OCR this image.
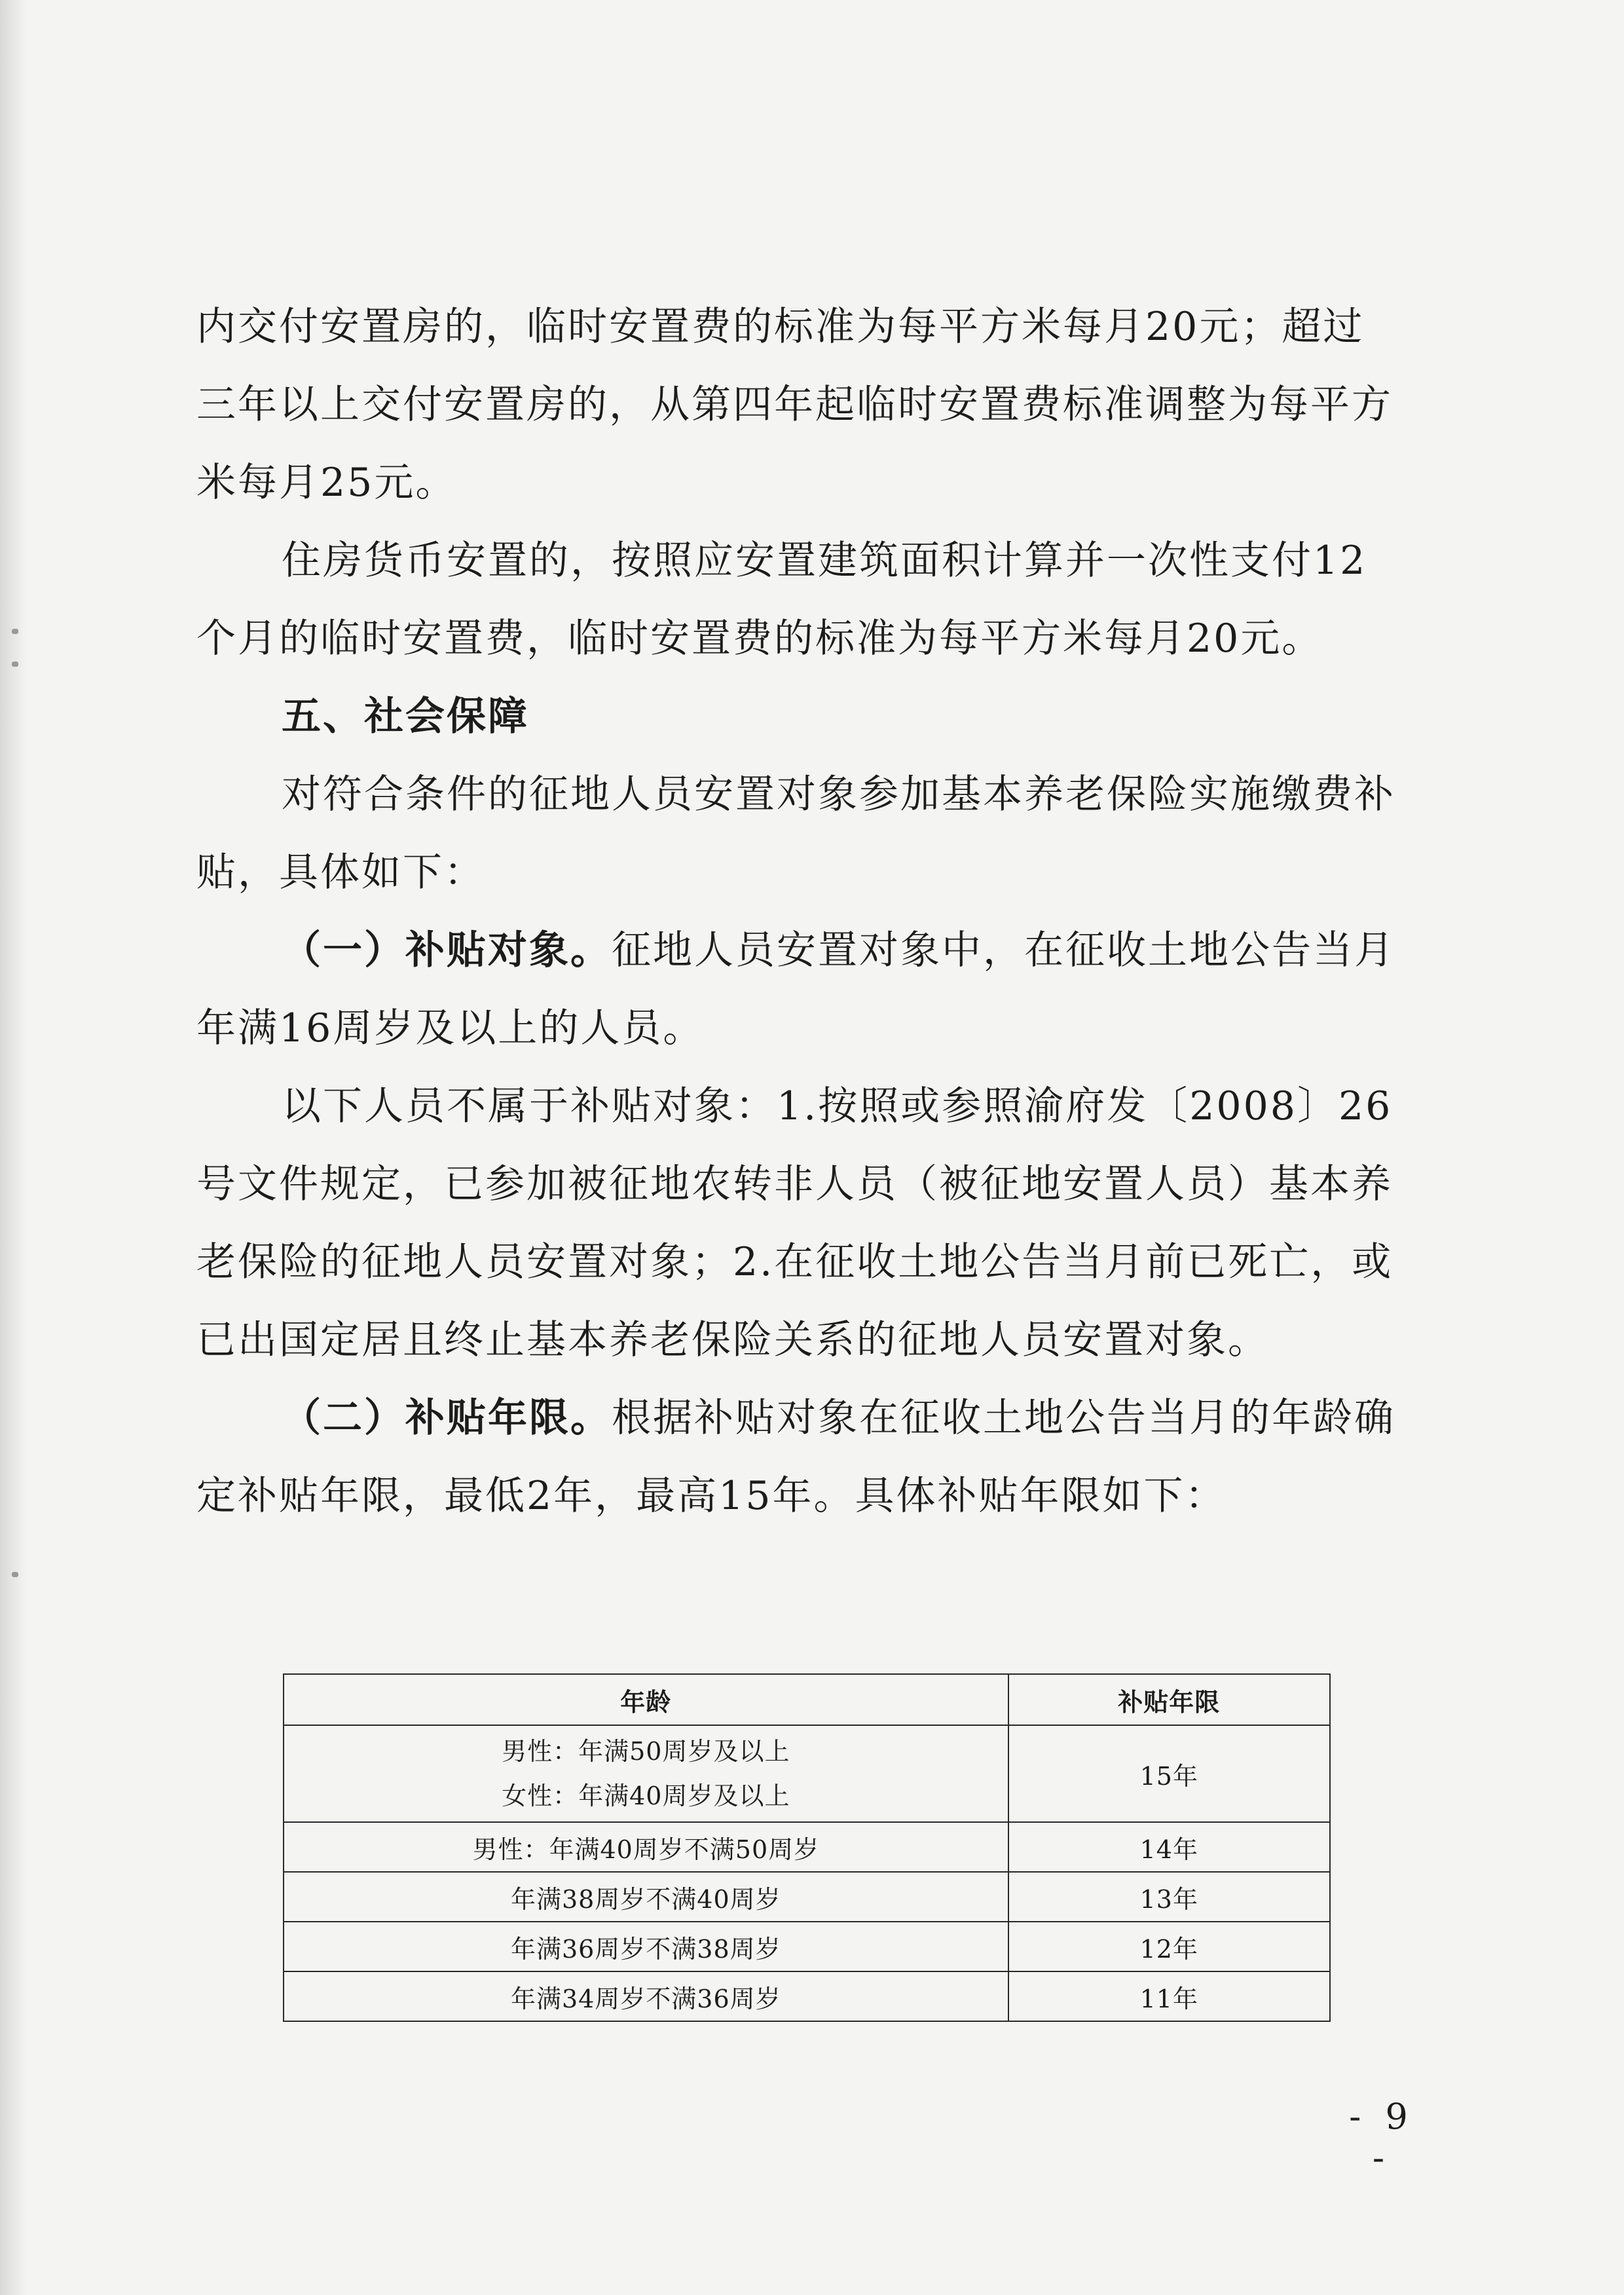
内交付安置房的，临时安置费的标准为每平方米每月20元；超过三年以上交付安置房的，从第四年起临时安置费标准调整为每平方米每月25元。

住房货币安置的，按照应安置建筑面积计算并一次性支付12个月的临时安置费，临时安置费的标准为每平方米每月20元。

五、社会保障

对符合条件的征地人员安置对象参加基本养老保险实施缴费补贴，具体如下：

（一）补贴对象。征地人员安置对象中，在征收土地公告当月年满16周岁及以上的人员。

以下人员不属于补贴对象：1.按照或参照渝府发〔2008〕26号文件规定，已参加被征地农转非人员（被征地安置人员）基本养老保险的征地人员安置对象；2.在征收土地公告当月前已死亡，或已出国定居且终止基本养老保险关系的征地人员安置对象。

（二）补贴年限。根据补贴对象在征收土地公告当月的年龄确定补贴年限，最低2年，最高15年。具体补贴年限如下：

年龄	补贴年限

男性：年满50周岁及以上
女性：年满40周岁及以上	15年
男性：年满40周岁不满50周岁	14年
年满38周岁不满40周岁	13年
年满36周岁不满38周岁	12年
年满34周岁不满36周岁	11年
- 9 -
